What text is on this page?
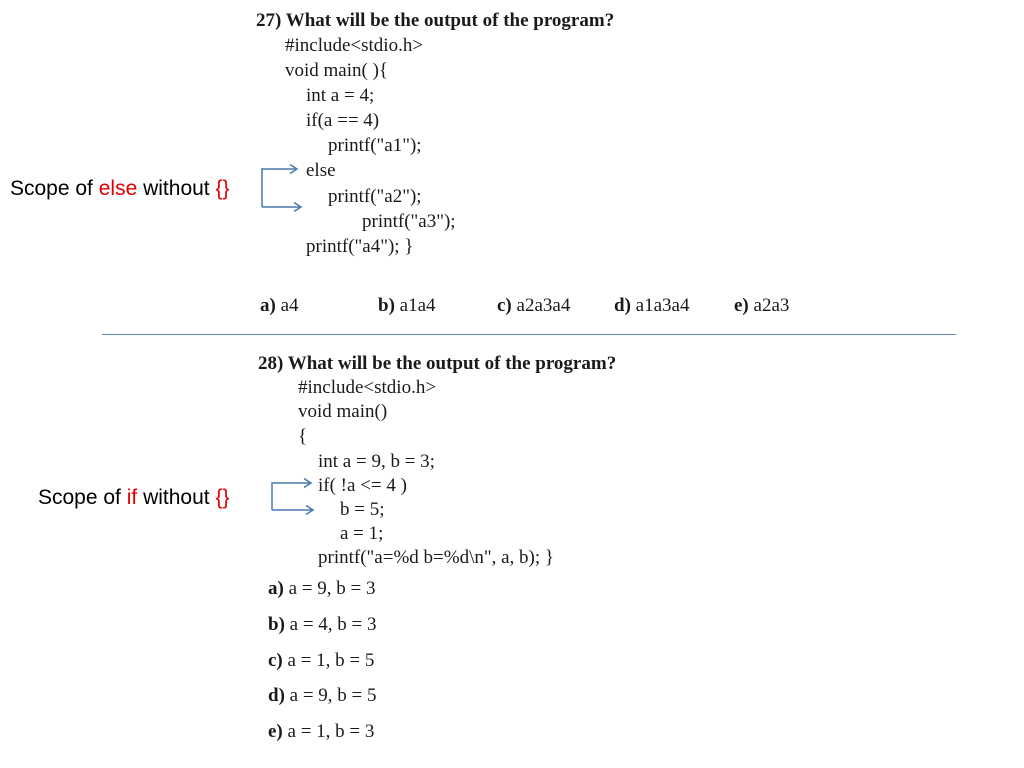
27) What will be the output of the program?
#include<stdio.h>
void main( ){
int a = 4;
if(a == 4)
printf("a1");
else
printf("a2");
printf("a3");
printf("a4"); }
a) a4	b) a1a4	c) a2a3a4 d) a1a3a4 e) a2a3
Scope of else without {}
28) What will be the output of the program?
#include<stdio.h>
void main()
{
int a = 9, b = 3;
if( !a <= 4 )
b = 5;
a = 1;
printf("a=%d b=%d\n", a, b); }
a) a = 9, b = 3
b) a = 4, b = 3
c) a = 1, b = 5
d) a = 9, b = 5
e) a = 1, b = 3
Scope of if without {}
